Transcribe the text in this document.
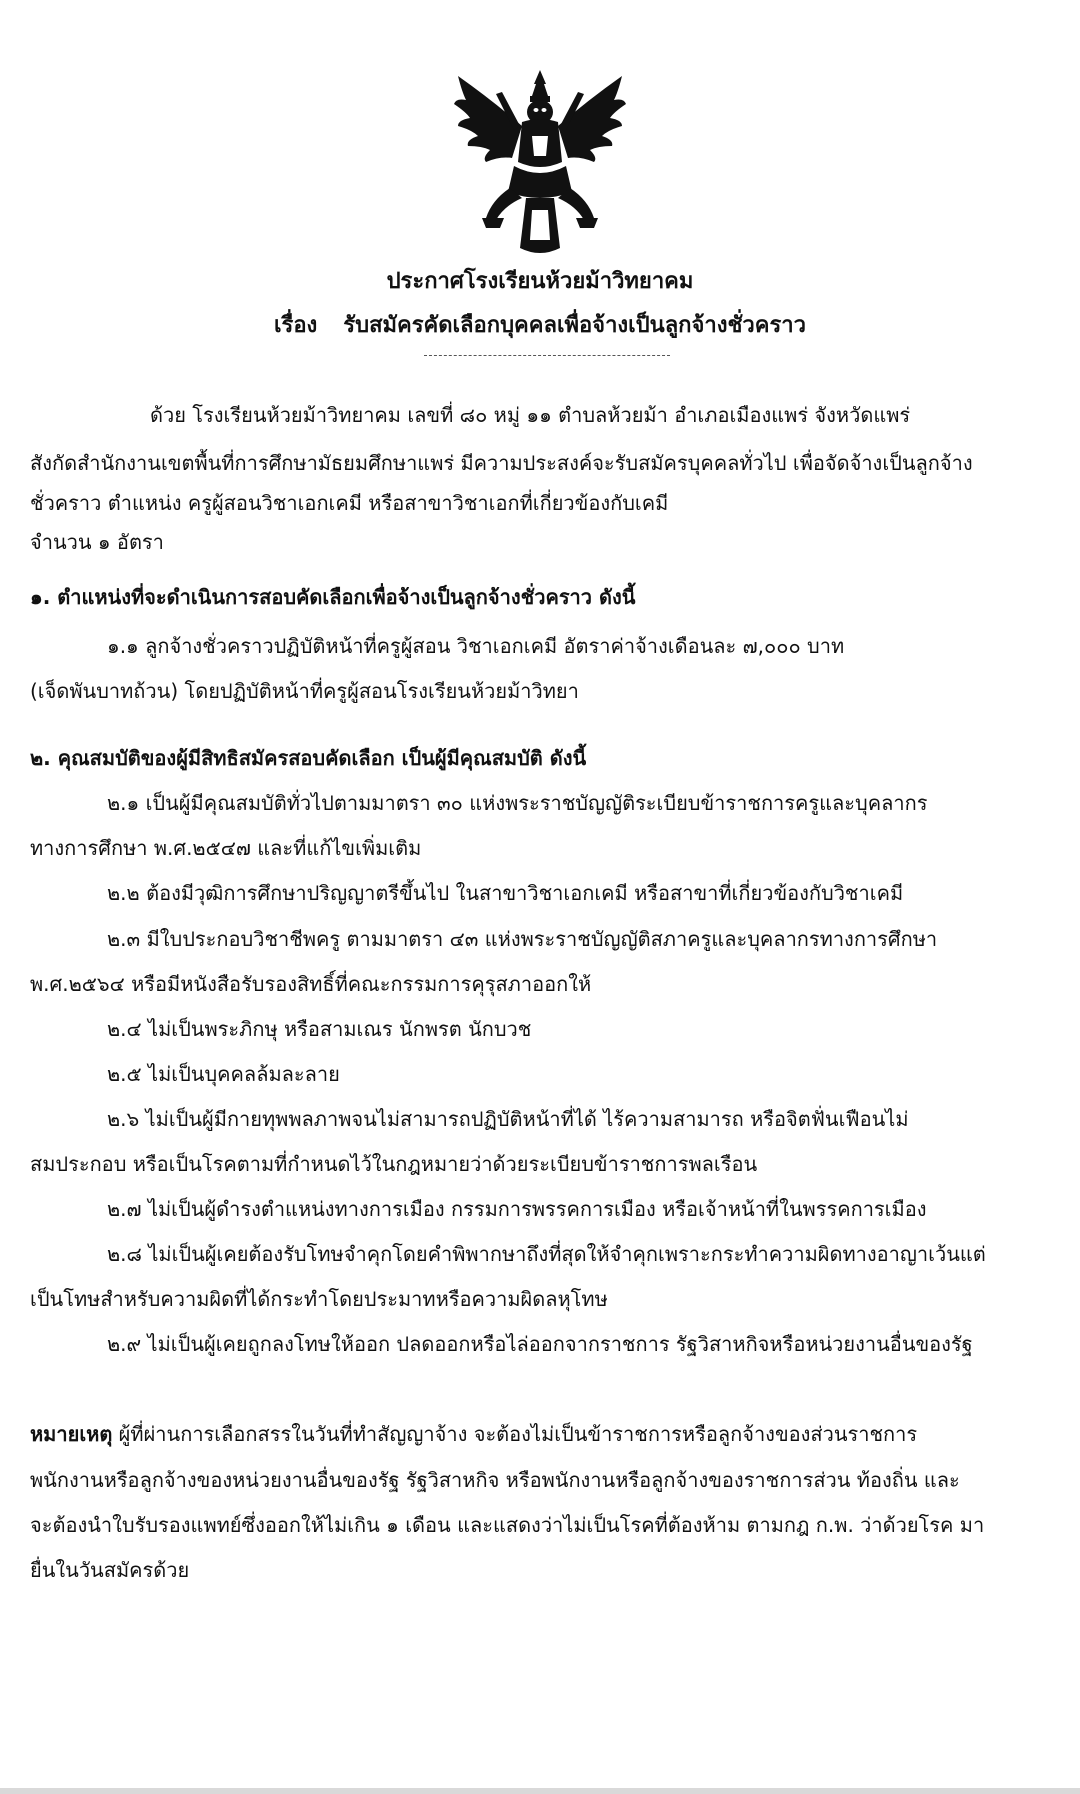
ประกาศโรงเรียนห้วยม้าวิทยาคม
เรื่อง รับสมัครคัดเลือกบุคคลเพื่อจ้างเป็นลูกจ้างชั่วคราว
ด้วย โรงเรียนห้วยม้าวิทยาคม เลขที่ ๘๐ หมู่ ๑๑ ตำบลห้วยม้า อำเภอเมืองแพร่ จังหวัดแพร่
สังกัดสำนักงานเขตพื้นที่การศึกษามัธยมศึกษาแพร่ มีความประสงค์จะรับสมัครบุคคลทั่วไป เพื่อจัดจ้างเป็นลูกจ้าง
ชั่วคราว ตำแหน่ง ครูผู้สอนวิชาเอกเคมี หรือสาขาวิชาเอกที่เกี่ยวข้องกับเคมี
จำนวน ๑ อัตรา
๑. ตำแหน่งที่จะดำเนินการสอบคัดเลือกเพื่อจ้างเป็นลูกจ้างชั่วคราว ดังนี้
๑.๑ ลูกจ้างชั่วคราวปฏิบัติหน้าที่ครูผู้สอน วิชาเอกเคมี อัตราค่าจ้างเดือนละ ๗,๐๐๐ บาท
(เจ็ดพันบาทถ้วน) โดยปฏิบัติหน้าที่ครูผู้สอนโรงเรียนห้วยม้าวิทยา
๒. คุณสมบัติของผู้มีสิทธิสมัครสอบคัดเลือก เป็นผู้มีคุณสมบัติ ดังนี้
๒.๑ เป็นผู้มีคุณสมบัติทั่วไปตามมาตรา ๓๐ แห่งพระราชบัญญัติระเบียบข้าราชการครูและบุคลากร
ทางการศึกษา พ.ศ.๒๕๔๗ และที่แก้ไขเพิ่มเติม
๒.๒ ต้องมีวุฒิการศึกษาปริญญาตรีขึ้นไป ในสาขาวิชาเอกเคมี หรือสาขาที่เกี่ยวข้องกับวิชาเคมี
๒.๓ มีใบประกอบวิชาชีพครู ตามมาตรา ๔๓ แห่งพระราชบัญญัติสภาครูและบุคลากรทางการศึกษา
พ.ศ.๒๕๖๔ หรือมีหนังสือรับรองสิทธิ์ที่คณะกรรมการคุรุสภาออกให้
๒.๔ ไม่เป็นพระภิกษุ หรือสามเณร นักพรต นักบวช
๒.๕ ไม่เป็นบุคคลล้มละลาย
๒.๖ ไม่เป็นผู้มีกายทุพพลภาพจนไม่สามารถปฏิบัติหน้าที่ได้ ไร้ความสามารถ หรือจิตฟั่นเฟือนไม่
สมประกอบ หรือเป็นโรคตามที่กำหนดไว้ในกฎหมายว่าด้วยระเบียบข้าราชการพลเรือน
๒.๗ ไม่เป็นผู้ดำรงตำแหน่งทางการเมือง กรรมการพรรคการเมือง หรือเจ้าหน้าที่ในพรรคการเมือง
๒.๘ ไม่เป็นผู้เคยต้องรับโทษจำคุกโดยคำพิพากษาถึงที่สุดให้จำคุกเพราะกระทำความผิดทางอาญาเว้นแต่
เป็นโทษสำหรับความผิดที่ได้กระทำโดยประมาทหรือความผิดลหุโทษ
๒.๙ ไม่เป็นผู้เคยถูกลงโทษให้ออก ปลดออกหรือไล่ออกจากราชการ รัฐวิสาหกิจหรือหน่วยงานอื่นของรัฐ
หมายเหตุ ผู้ที่ผ่านการเลือกสรรในวันที่ทำสัญญาจ้าง จะต้องไม่เป็นข้าราชการหรือลูกจ้างของส่วนราชการ
พนักงานหรือลูกจ้างของหน่วยงานอื่นของรัฐ รัฐวิสาหกิจ หรือพนักงานหรือลูกจ้างของราชการส่วน ท้องถิ่น และ
จะต้องนำใบรับรองแพทย์ซึ่งออกให้ไม่เกิน ๑ เดือน และแสดงว่าไม่เป็นโรคที่ต้องห้าม ตามกฎ ก.พ. ว่าด้วยโรค มา
ยื่นในวันสมัครด้วย
